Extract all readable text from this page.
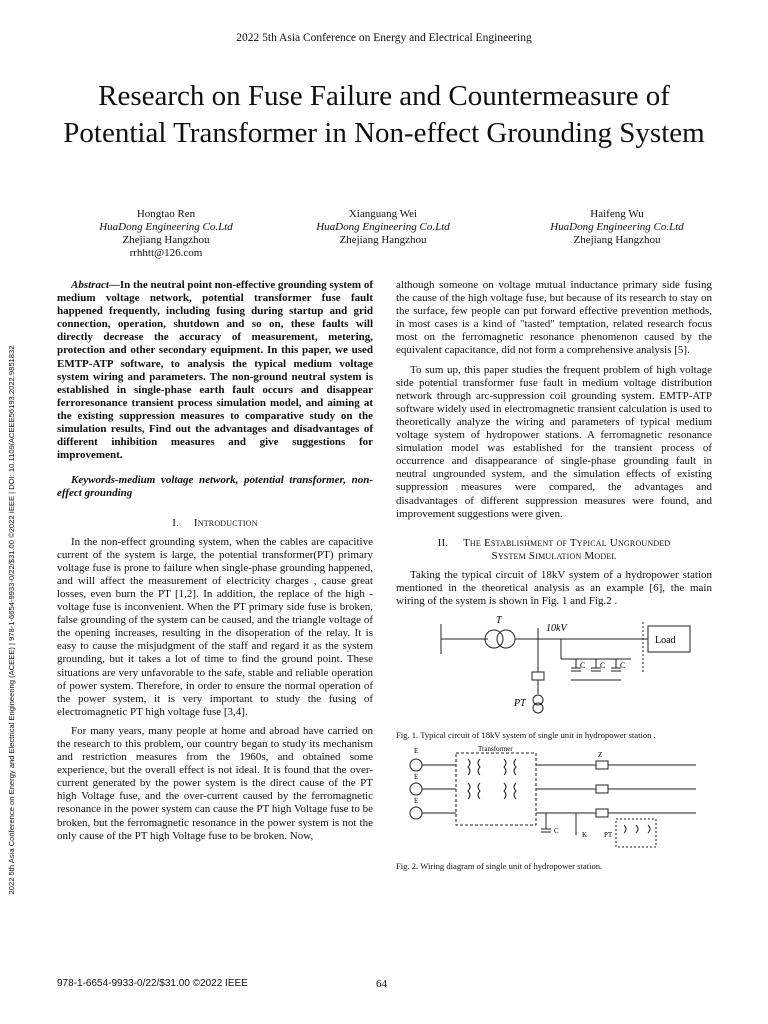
2022 5th Asia Conference on Energy and Electrical Engineering
Research on Fuse Failure and Countermeasure of Potential Transformer in Non-effect Grounding System
Hongtao Ren
HuaDong Engineering Co.Ltd
Zhejiang Hangzhou
rrhhtt@126.com
Xianguang Wei
HuaDong Engineering Co.Ltd
Zhejiang Hangzhou
Haifeng Wu
HuaDong Engineering Co.Ltd
Zhejiang Hangzhou
2022 5th Asia Conference on Energy and Electrical Engineering (ACEEE) | 978-1-6654-9933-0/22/$31.00 ©2022 IEEE | DOI: 10.1109/ACEEE56193.2022.9851832
Abstract—In the neutral point non-effective grounding system of medium voltage network, potential transformer fuse fault happened frequently, including fusing during startup and grid connection, operation, shutdown and so on, these faults will directly decrease the accuracy of measurement, metering, protection and other secondary equipment. In this paper, we used EMTP-ATP software, to analysis the typical medium voltage system wiring and parameters. The non-ground neutral system is established in single-phase earth fault occurs and disappear ferroresonance transient process simulation model, and aiming at the existing suppression measures to comparative study on the simulation results, Find out the advantages and disadvantages of different inhibition measures and give suggestions for improvement.
Keywords-medium voltage network, potential transformer, non-effect grounding
I. Introduction

In the non-effect grounding system, when the cables are capacitive current of the system is large, the potential transformer(PT) primary voltage fuse is prone to failure when single-phase grounding happened, and will affect the measurement of electricity charges , cause great losses, even burn the PT [1,2]. In addition, the replace of the high - voltage fuse is inconvenient. When the PT primary side fuse is broken, false grounding of the system can be caused, and the triangle voltage of the opening increases, resulting in the disoperation of the relay. It is easy to cause the misjudgment of the staff and regard it as the system grounding, but it takes a lot of time to find the ground point. These situations are very unfavorable to the safe, stable and reliable operation of power system. Therefore, in order to ensure the normal operation of the power system, it is very important to study the fusing of electromagnetic PT high voltage fuse [3,4].

For many years, many people at home and abroad have carried on the research to this problem, our country began to study its mechanism and restriction measures from the 1960s, and obtained some experience, but the overall effect is not ideal. It is found that the over-current generated by the power system is the direct cause of the PT high Voltage fuse, and the over-current caused by the ferromagnetic resonance in the power system can cause the PT high Voltage fuse to be broken, but the ferromagnetic resonance in the power system is not the only cause of the PT high Voltage fuse to be broken. Now,

although someone on voltage mutual inductance primary side fusing the cause of the high voltage fuse, but because of its research to stay on the surface, few people can put forward effective prevention methods, in most cases is a kind of "tasted" temptation, related research focus most on the ferromagnetic resonance phenomenon caused by the equivalent capacitance, did not form a comprehensive analysis [5].

To sum up, this paper studies the frequent problem of high voltage side potential transformer fuse fault in medium voltage distribution network through arc-suppression coil grounding system. EMTP-ATP software widely used in electromagnetic transient calculation is used to theoretically analyze the wiring and parameters of typical medium voltage system of hydropower stations. A ferromagnetic resonance simulation model was established for the transient process of occurrence and disappearance of single-phase grounding fault in neutral ungrounded system, and the simulation effects of existing suppression measures were compared, the advantages and disadvantages of different suppression measures were found, and improvement suggestions were given.

II. The Establishment of Typical Ungrounded
System Simulation Model

Taking the typical circuit of 18kV system of a hydropower station mentioned in the theoretical analysis as an example [6], the main wiring of the system is shown in Fig. 1 and Fig.2 .

T
10kV
Load
PT
C C C
Fig. 1. Typical circuit of 18kV system of single unit in hydropower station .
E
E
E
Transformer
Z
C	K PT
Fig. 2. Wiring diagram of single unit of hydropower station.
978-1-6654-9933-0/22/$31.00 ©2022 IEEE	64
